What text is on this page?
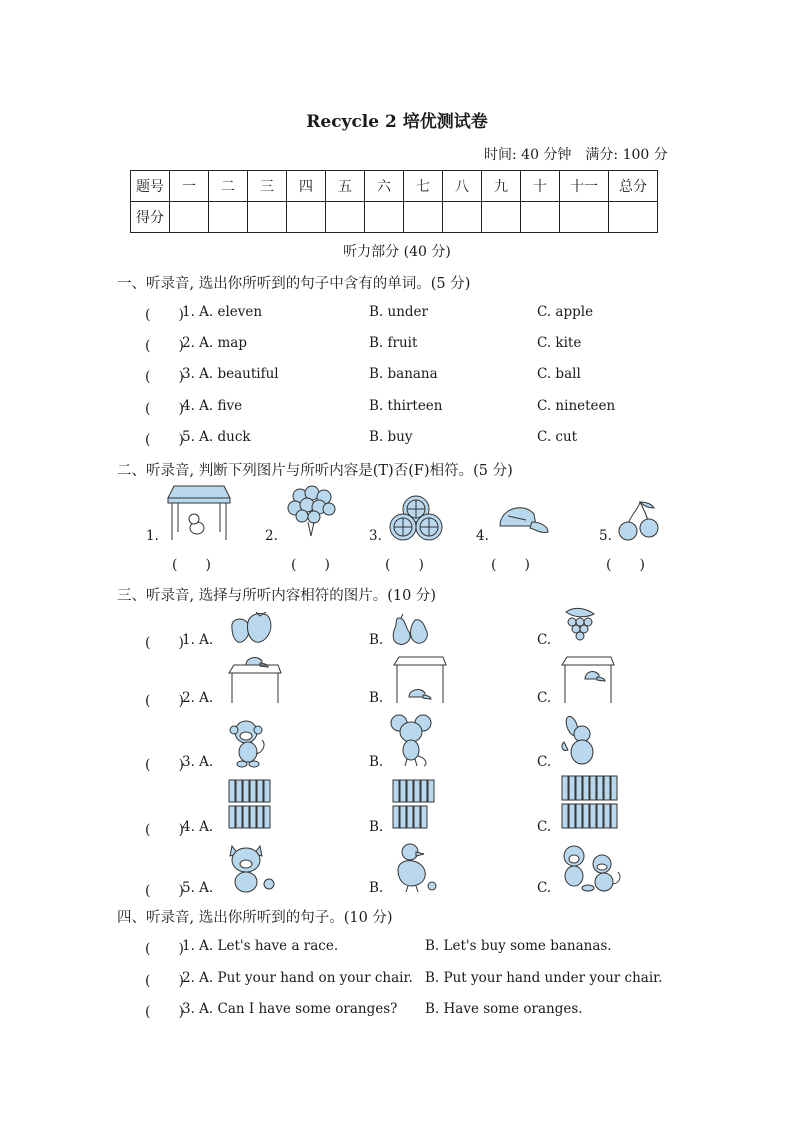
Recycle 2 培优测试卷
时间: 40 分钟　满分: 100 分
题号	一	二	三	四	五	六	七	八	九	十	十一	总分
得分												
听力部分 (40 分)
一、听录音, 选出你所听到的句子中含有的单词。(5 分)
(　　)
1. A. eleven	B. under	C. apple
(　　)
2. A. map	B. fruit	C. kite
(　　)
3. A. beautiful	B. banana	C. ball
(　　)
4. A. five	B. thirteen	C. nineteen
(　　)
5. A. duck	B. buy	C. cut
二、听录音, 判断下列图片与所听内容是(T)否(F)相符。(5 分)
1.
(　　)
2.
(　　)
3.
(　　)
4.
(　　)
5.
(　　)
三、听录音, 选择与所听内容相符的图片。(10 分)
(　　)
1. A.	B.	C.
(　　)
2. A.	B.	C.
(　　)
3. A.	B.	C.
(　　)
4. A.	B.	C.
(　　)
5. A.	B.	C.
四、听录音, 选出你所听到的句子。(10 分)
(　　)
1. A. Let's have a race.	B. Let's buy some bananas.
(　　)
2. A. Put your hand on your chair. B. Put your hand under your chair.
(　　)
3. A. Can I have some oranges? B. Have some oranges.
